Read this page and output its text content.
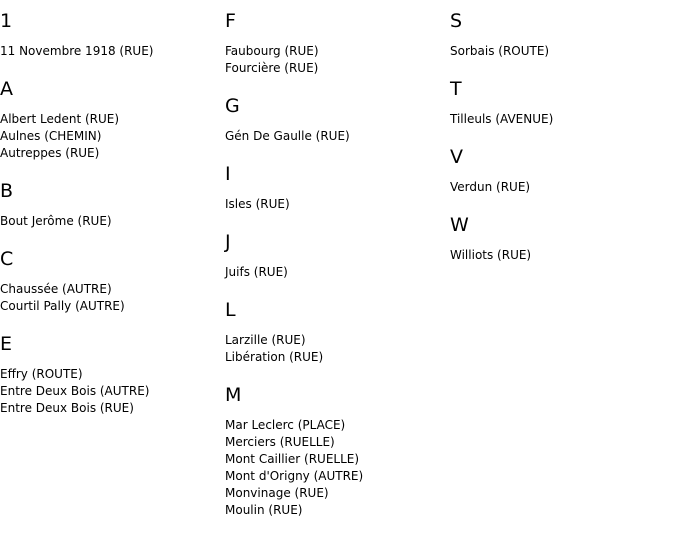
1
11 Novembre 1918 (RUE)
A
Albert Ledent (RUE)
Aulnes (CHEMIN)
Autreppes (RUE)
B
Bout Jerôme (RUE)
C
Chaussée (AUTRE)
Courtil Pally (AUTRE)
E
Effry (ROUTE)
Entre Deux Bois (AUTRE)
Entre Deux Bois (RUE)
F
Faubourg (RUE)
Fourcière (RUE)
G
Gén De Gaulle (RUE)
I
Isles (RUE)
J
Juifs (RUE)
L
Larzille (RUE)
Libération (RUE)
M
Mar Leclerc (PLACE)
Merciers (RUELLE)
Mont Caillier (RUELLE)
Mont d'Origny (AUTRE)
Monvinage (RUE)
Moulin (RUE)
S
Sorbais (ROUTE)
T
Tilleuls (AVENUE)
V
Verdun (RUE)
W
Williots (RUE)
